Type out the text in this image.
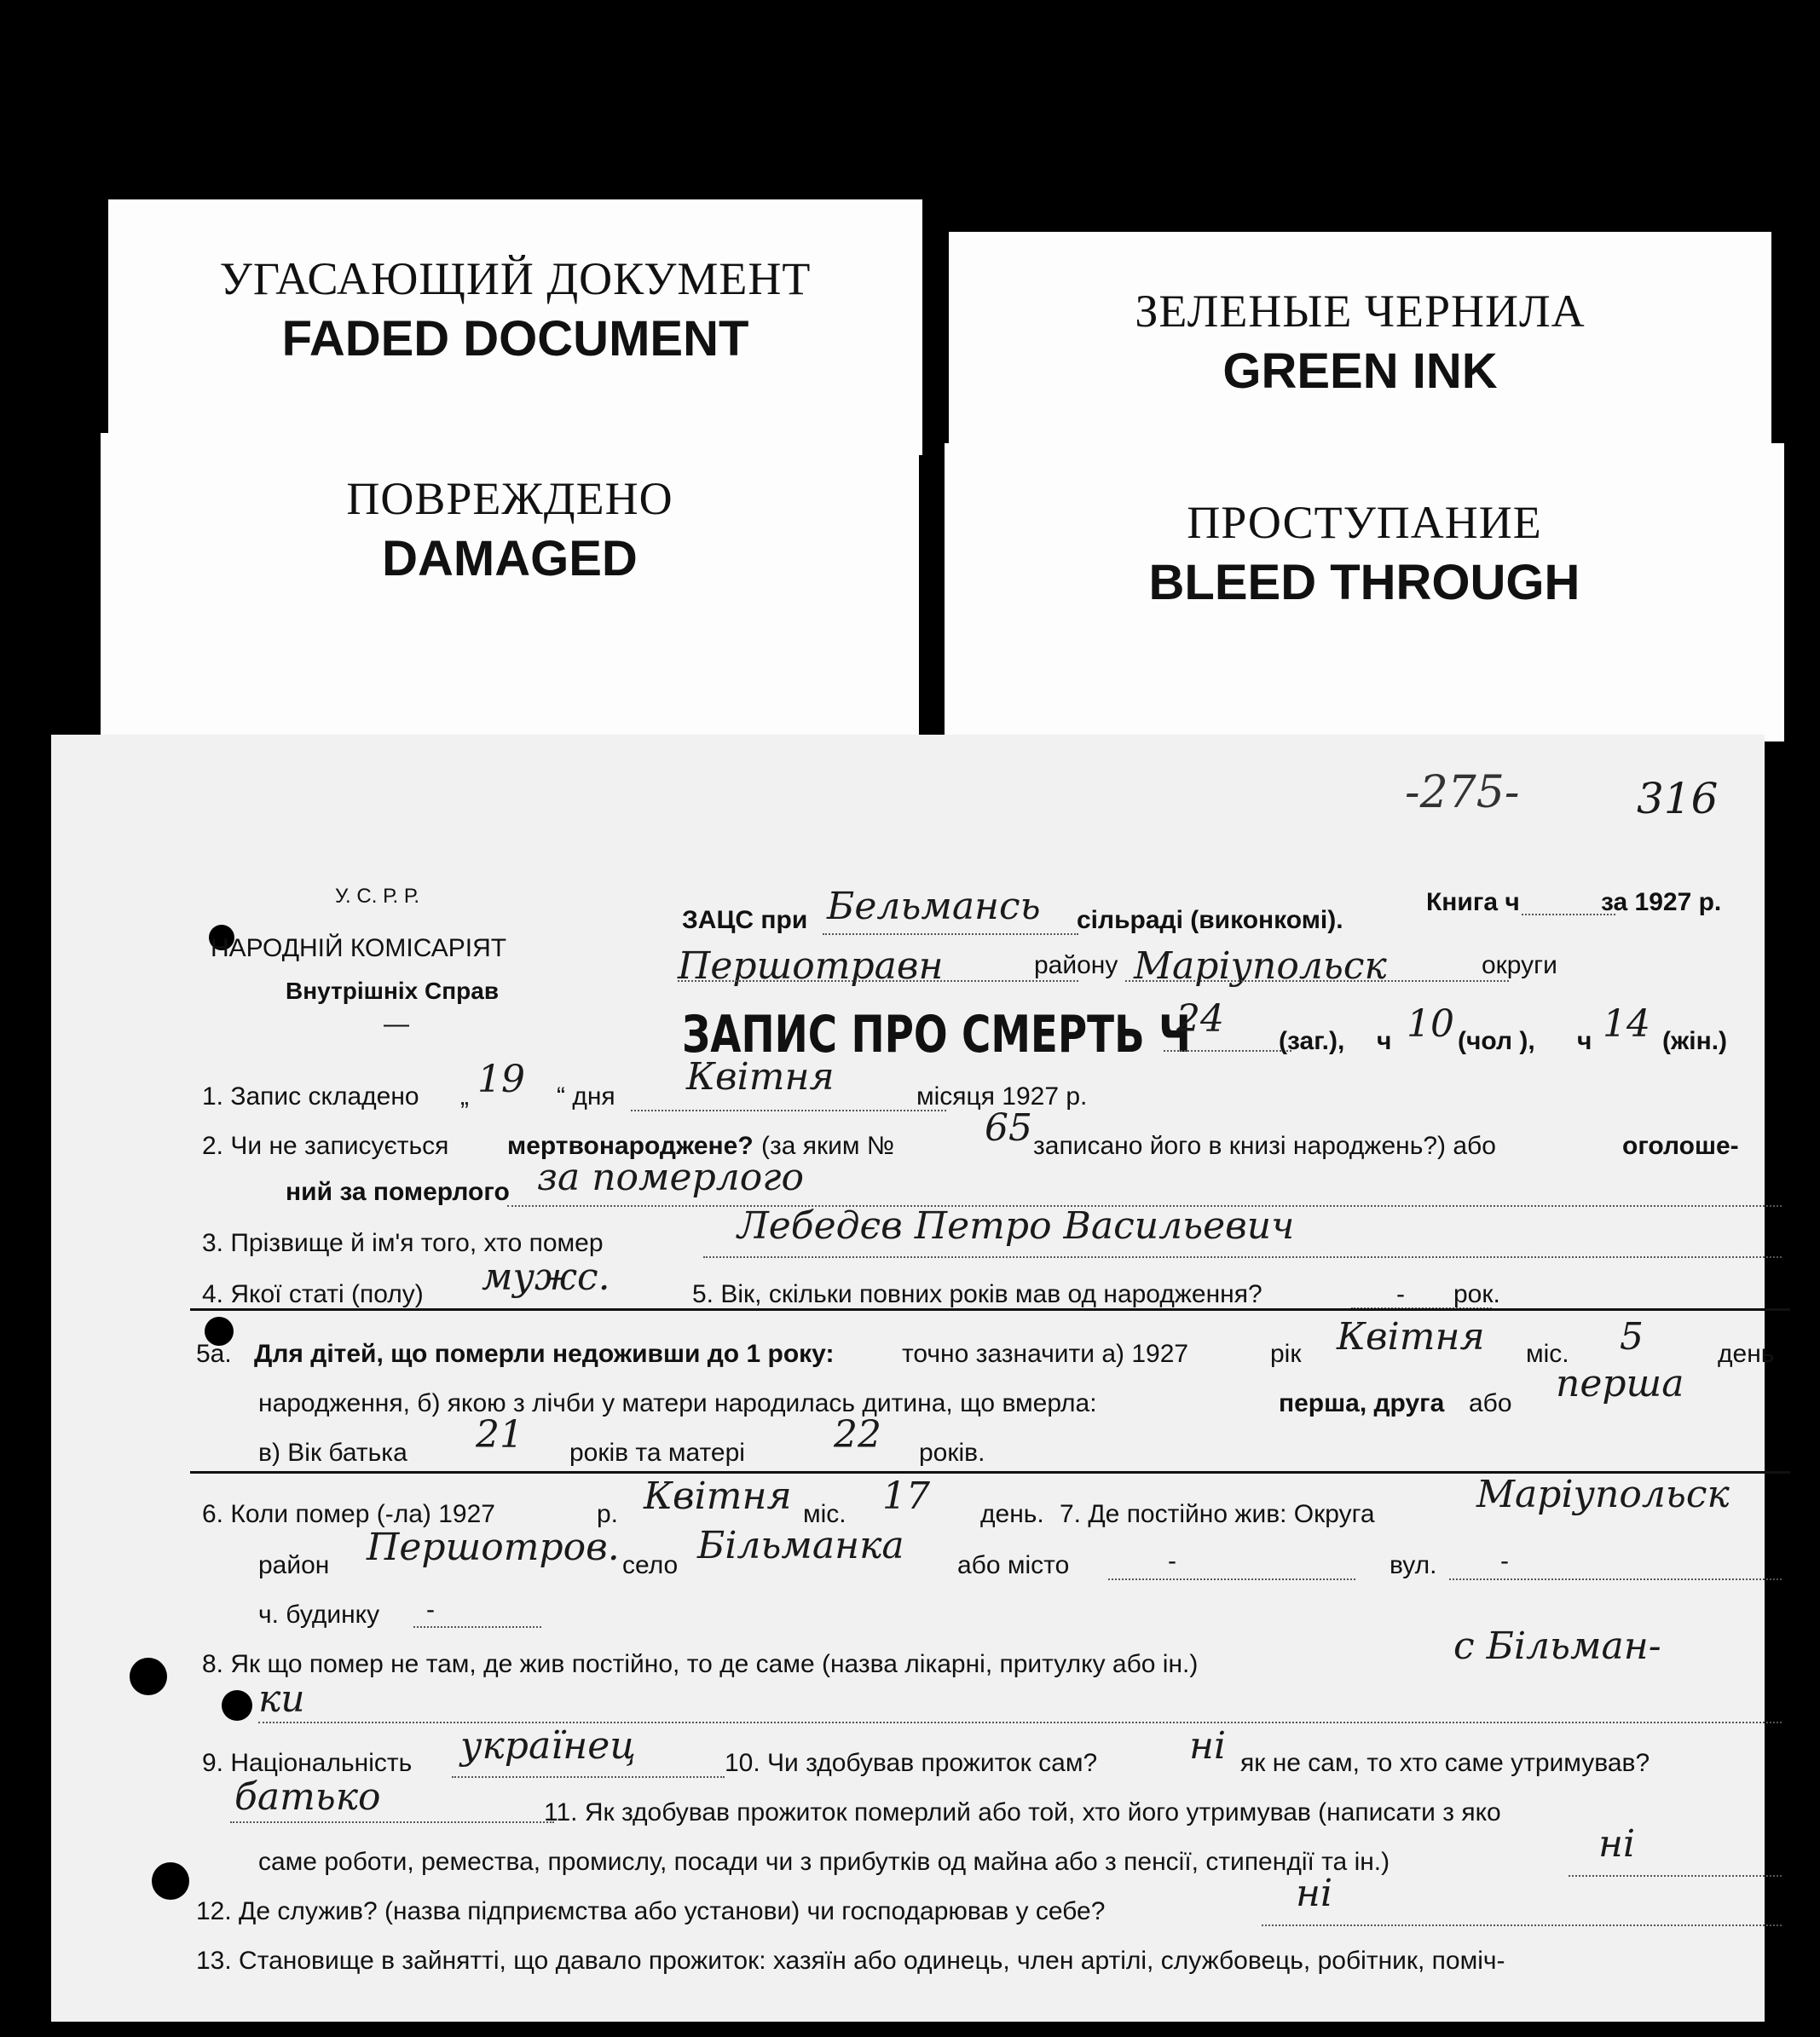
УГАСАЮЩИЙ ДОКУМЕНТ
FADED DOCUMENT	ЗЕЛЕНЫЕ ЧЕРНИЛА
GREEN INK
ПОВРЕЖДЕНО
DAMAGED
ПРОСТУПАНИЕ
BLEED THROUGH
-275-	316
У. С. Р. Р.
НАРОДНІЙ КОМІСАРІЯТ
Внутрішніх Справ
—
ЗАЦС при Бельмансь сільраді (виконкомі).
Книга ч	за 1927 р.
Першотравн	району Маріупольск	округи
ЗАПИС ПРО СМЕРТЬ Ч
24
(заг.), ч 10 (чол ), ч 14 (жін.)
1. Запис складено „ 19 “ дня Квітня	місяця 1927 р.
2. Чи не записується мертвонароджене? (за яким № 65 записано його в книзі народжень?) або	оголоше-
ний за померлого за померлого
3. Прізвище й ім'я того, хто помер	Лебедєв Петро Васильевич
4. Якої статі (полу) мужс.	5. Вік, скільки повних років мав од народження?	- рок.
5а. Для дітей, що померли недоживши до 1 року:	точно зазначити а) 1927	рік Квітня міс. 5	день
народження, б) якою з лічби у матери народилась дитина, що вмерла:	перша, друга або перша
в) Вік батька 21 років та матері 22 років.
6. Коли помер (-ла) 1927	р. Квітня міс. 17 день. 7. Де постійно жив: Округа	Маріупольск
район Першотров. село Більманка або місто	-	вул. -
ч. будинку -
8. Як що помер не там, де жив постійно, то де саме (назва лікарні, притулку або ін.)	с Більман-
ки
9. Національність українец	10. Чи здобував прожиток сам? ні як не сам, то хто саме утримував?
батько	11. Як здобував прожиток померлий або той, хто його утримував (написати з яко
саме роботи, ремества, промислу, посади чи з прибутків од майна або з пенсії, стипендії та ін.)	ні
12. Де служив? (назва підприємства або установи) чи господарював у себе?	ні
13. Становище в зайнятті, що давало прожиток: хазяїн або одинець, член артілі, службовець, робітник, поміч-
